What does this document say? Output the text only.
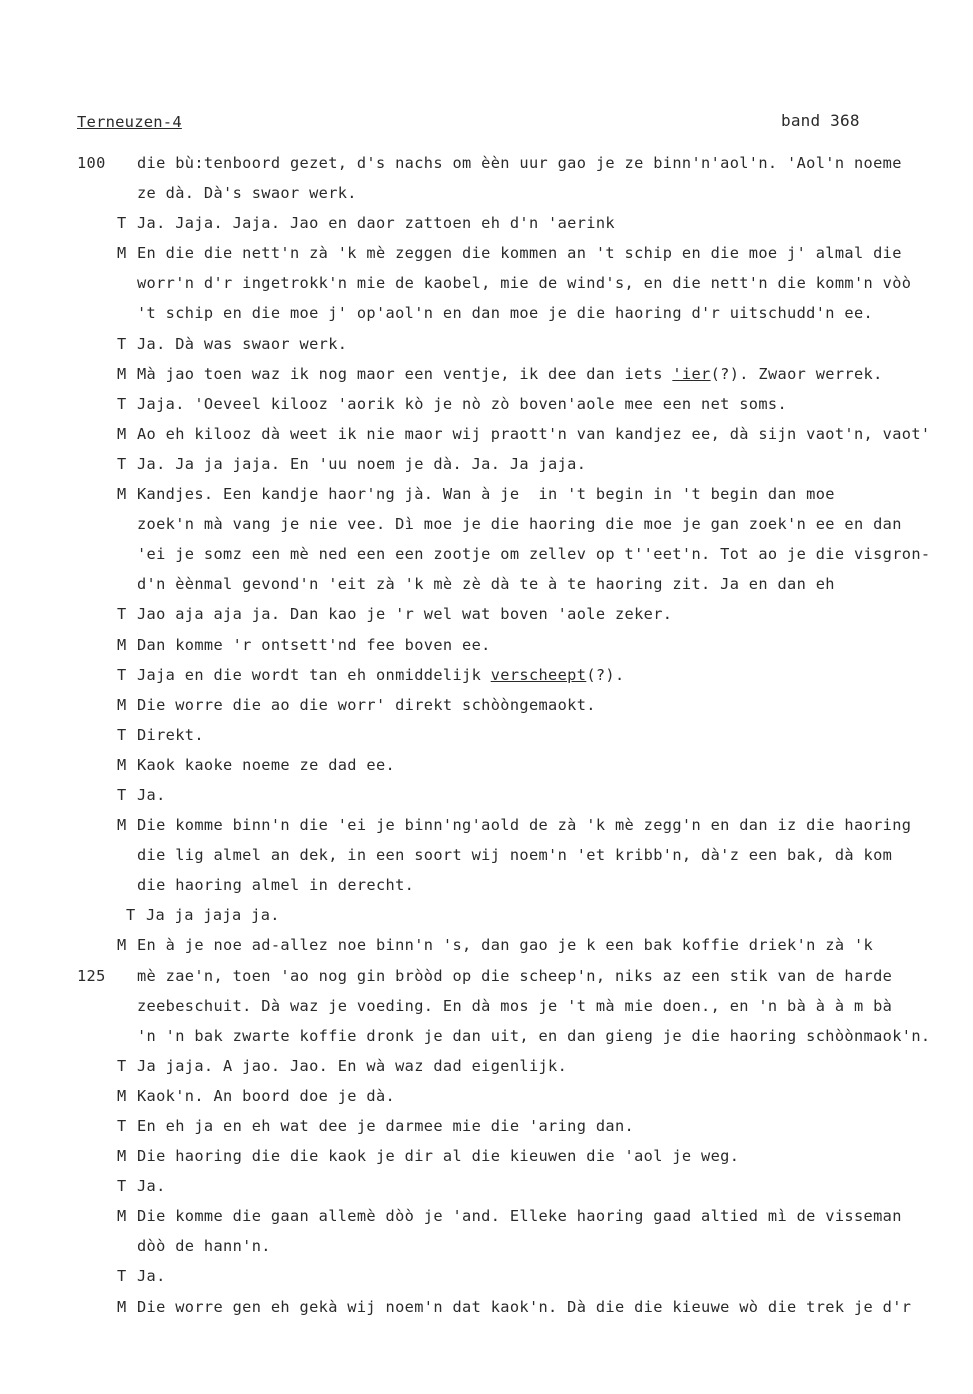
Terneuzen-4	band 368
100 die bù:tenboord gezet, d's nachs om èèn uur gao je ze binn'n'aol'n. 'Aol'n noeme
ze dà. Dà's swaor werk.
T Ja. Jaja. Jaja. Jao en daor zattoen eh d'n 'aerink
M En die die nett'n zà 'k mè zeggen die kommen an 't schip en die moe j' almal die
worr'n d'r ingetrokk'n mie de kaobel, mie de wind's, en die nett'n die komm'n vòò
't schip en die moe j' op'aol'n en dan moe je die haoring d'r uitschudd'n ee.
T Ja. Dà was swaor werk.
M Mà jao toen waz ik nog maor een ventje, ik dee dan iets 'ier(?). Zwaor werrek.
T Jaja. 'Oeveel kilooz 'aorik kò je nò zò boven'aole mee een net soms.
M Ao eh kilooz dà weet ik nie maor wij praott'n van kandjez ee, dà sijn vaot'n, vaot'
T Ja. Ja ja jaja. En 'uu noem je dà. Ja. Ja jaja.
M Kandjes. Een kandje haor'ng jà. Wan à je  in 't begin in 't begin dan moe
zoek'n mà vang je nie vee. Dì moe je die haoring die moe je gan zoek'n ee en dan
'ei je somz een mè ned een een zootje om zellev op t''eet'n. Tot ao je die visgron-
d'n èènmal gevond'n 'eit zà 'k mè zè dà te à te haoring zit. Ja en dan eh
T Jao aja aja ja. Dan kao je 'r wel wat boven 'aole zeker.
M Dan komme 'r ontsett'nd fee boven ee.
T Jaja en die wordt tan eh onmiddelijk verscheept(?).
M Die worre die ao die worr' direkt schòòngemaokt.
T Direkt.
M Kaok kaoke noeme ze dad ee.
T Ja.
M Die komme binn'n die 'ei je binn'ng'aold de zà 'k mè zegg'n en dan iz die haoring
die lig almel an dek, in een soort wij noem'n 'et kribb'n, dà'z een bak, dà kom
die haoring almel in derecht.
T Ja ja jaja ja.
M En à je noe ad-allez noe binn'n 's, dan gao je k een bak koffie driek'n zà 'k
125 mè zae'n, toen 'ao nog gin bròòd op die scheep'n, niks az een stik van de harde
zeebeschuit. Dà waz je voeding. En dà mos je 't mà mie doen., en 'n bà à à m bà
'n 'n bak zwarte koffie dronk je dan uit, en dan gieng je die haoring schòònmaok'n.
T Ja jaja. A jao. Jao. En wà waz dad eigenlijk.
M Kaok'n. An boord doe je dà.
T En eh ja en eh wat dee je darmee mie die 'aring dan.
M Die haoring die die kaok je dir al die kieuwen die 'aol je weg.
T Ja.
M Die komme die gaan allemè dòò je 'and. Elleke haoring gaad altied mì de visseman
dòò de hann'n.
T Ja.
M Die worre gen eh gekà wij noem'n dat kaok'n. Dà die die kieuwe wò die trek je d'r
